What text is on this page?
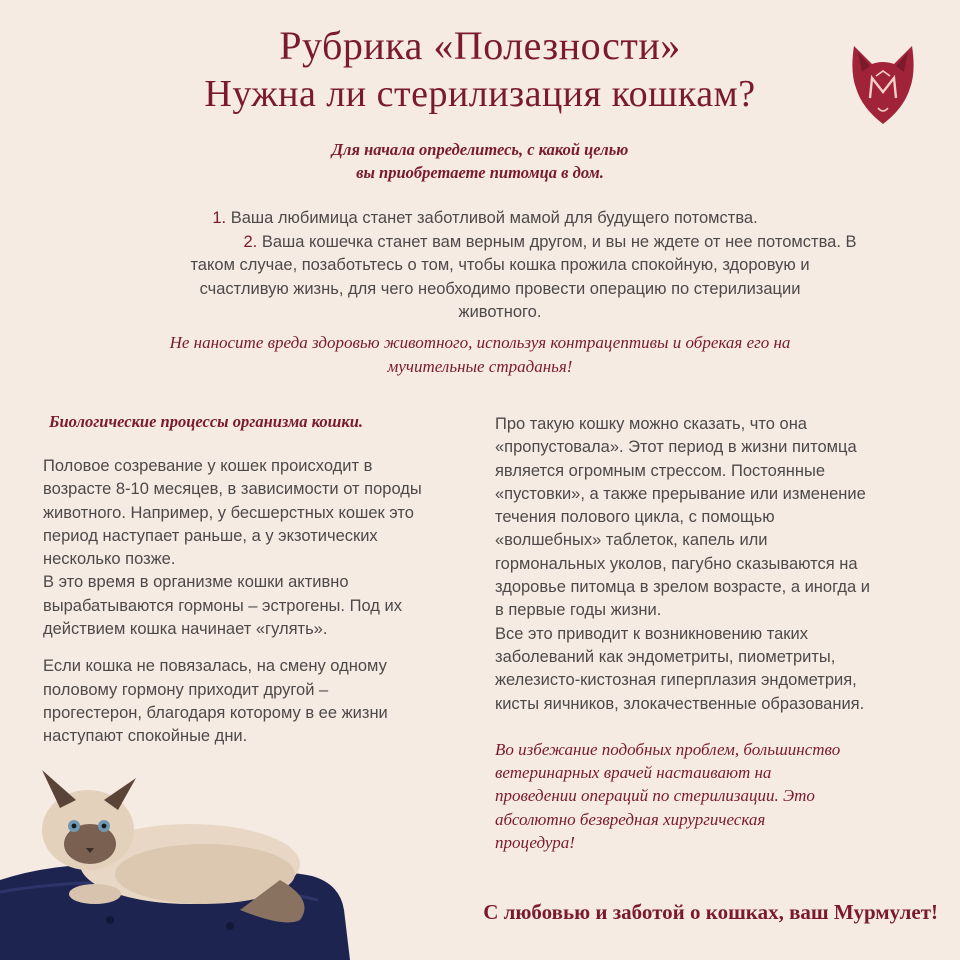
Рубрика «Полезности»
Нужна ли стерилизация кошкам?
Для начала определитесь, с какой целью
вы приобретаете питомца в дом.
1. Ваша любимица станет заботливой мамой для будущего потомства.
2. Ваша кошечка станет вам верным другом, и вы не ждете от нее потомства. В
таком случае, позаботьтесь о том, чтобы кошка прожила спокойную, здоровую и
счастливую жизнь, для чего необходимо провести операцию по стерилизации
животного.
Не наносите вреда здоровью животного, используя контрацептивы и обрекая его на
мучительные страданья!
Биологические процессы организма кошки.
Половое созревание у кошек происходит в
возрасте 8-10 месяцев, в зависимости от породы
животного. Например, у бесшерстных кошек это
период наступает раньше, а у экзотических
несколько позже.
В это время в организме кошки активно
вырабатываются гормоны – эстрогены. Под их
действием кошка начинает «гулять».
Если кошка не повязалась, на смену одному
половому гормону приходит другой –
прогестерон, благодаря которому в ее жизни
наступают спокойные дни.
Про такую кошку можно сказать, что она
«пропустовала». Этот период в жизни питомца
является огромным стрессом. Постоянные
«пустовки», а также прерывание или изменение
течения полового цикла, с помощью
«волшебных» таблеток, капель или
гормональных уколов, пагубно сказываются на
здоровье питомца в зрелом возрасте, а иногда и
в первые годы жизни.
Все это приводит к возникновению таких
заболеваний как эндометриты, пиометриты,
железисто-кистозная гиперплазия эндометрия,
кисты яичников, злокачественные образования.
Во избежание подобных проблем, большинство
ветеринарных врачей настаивают на
проведении операций по стерилизации. Это
абсолютно безвредная хирургическая
процедура!
С любовью и заботой о кошках, ваш Мурмулет!
